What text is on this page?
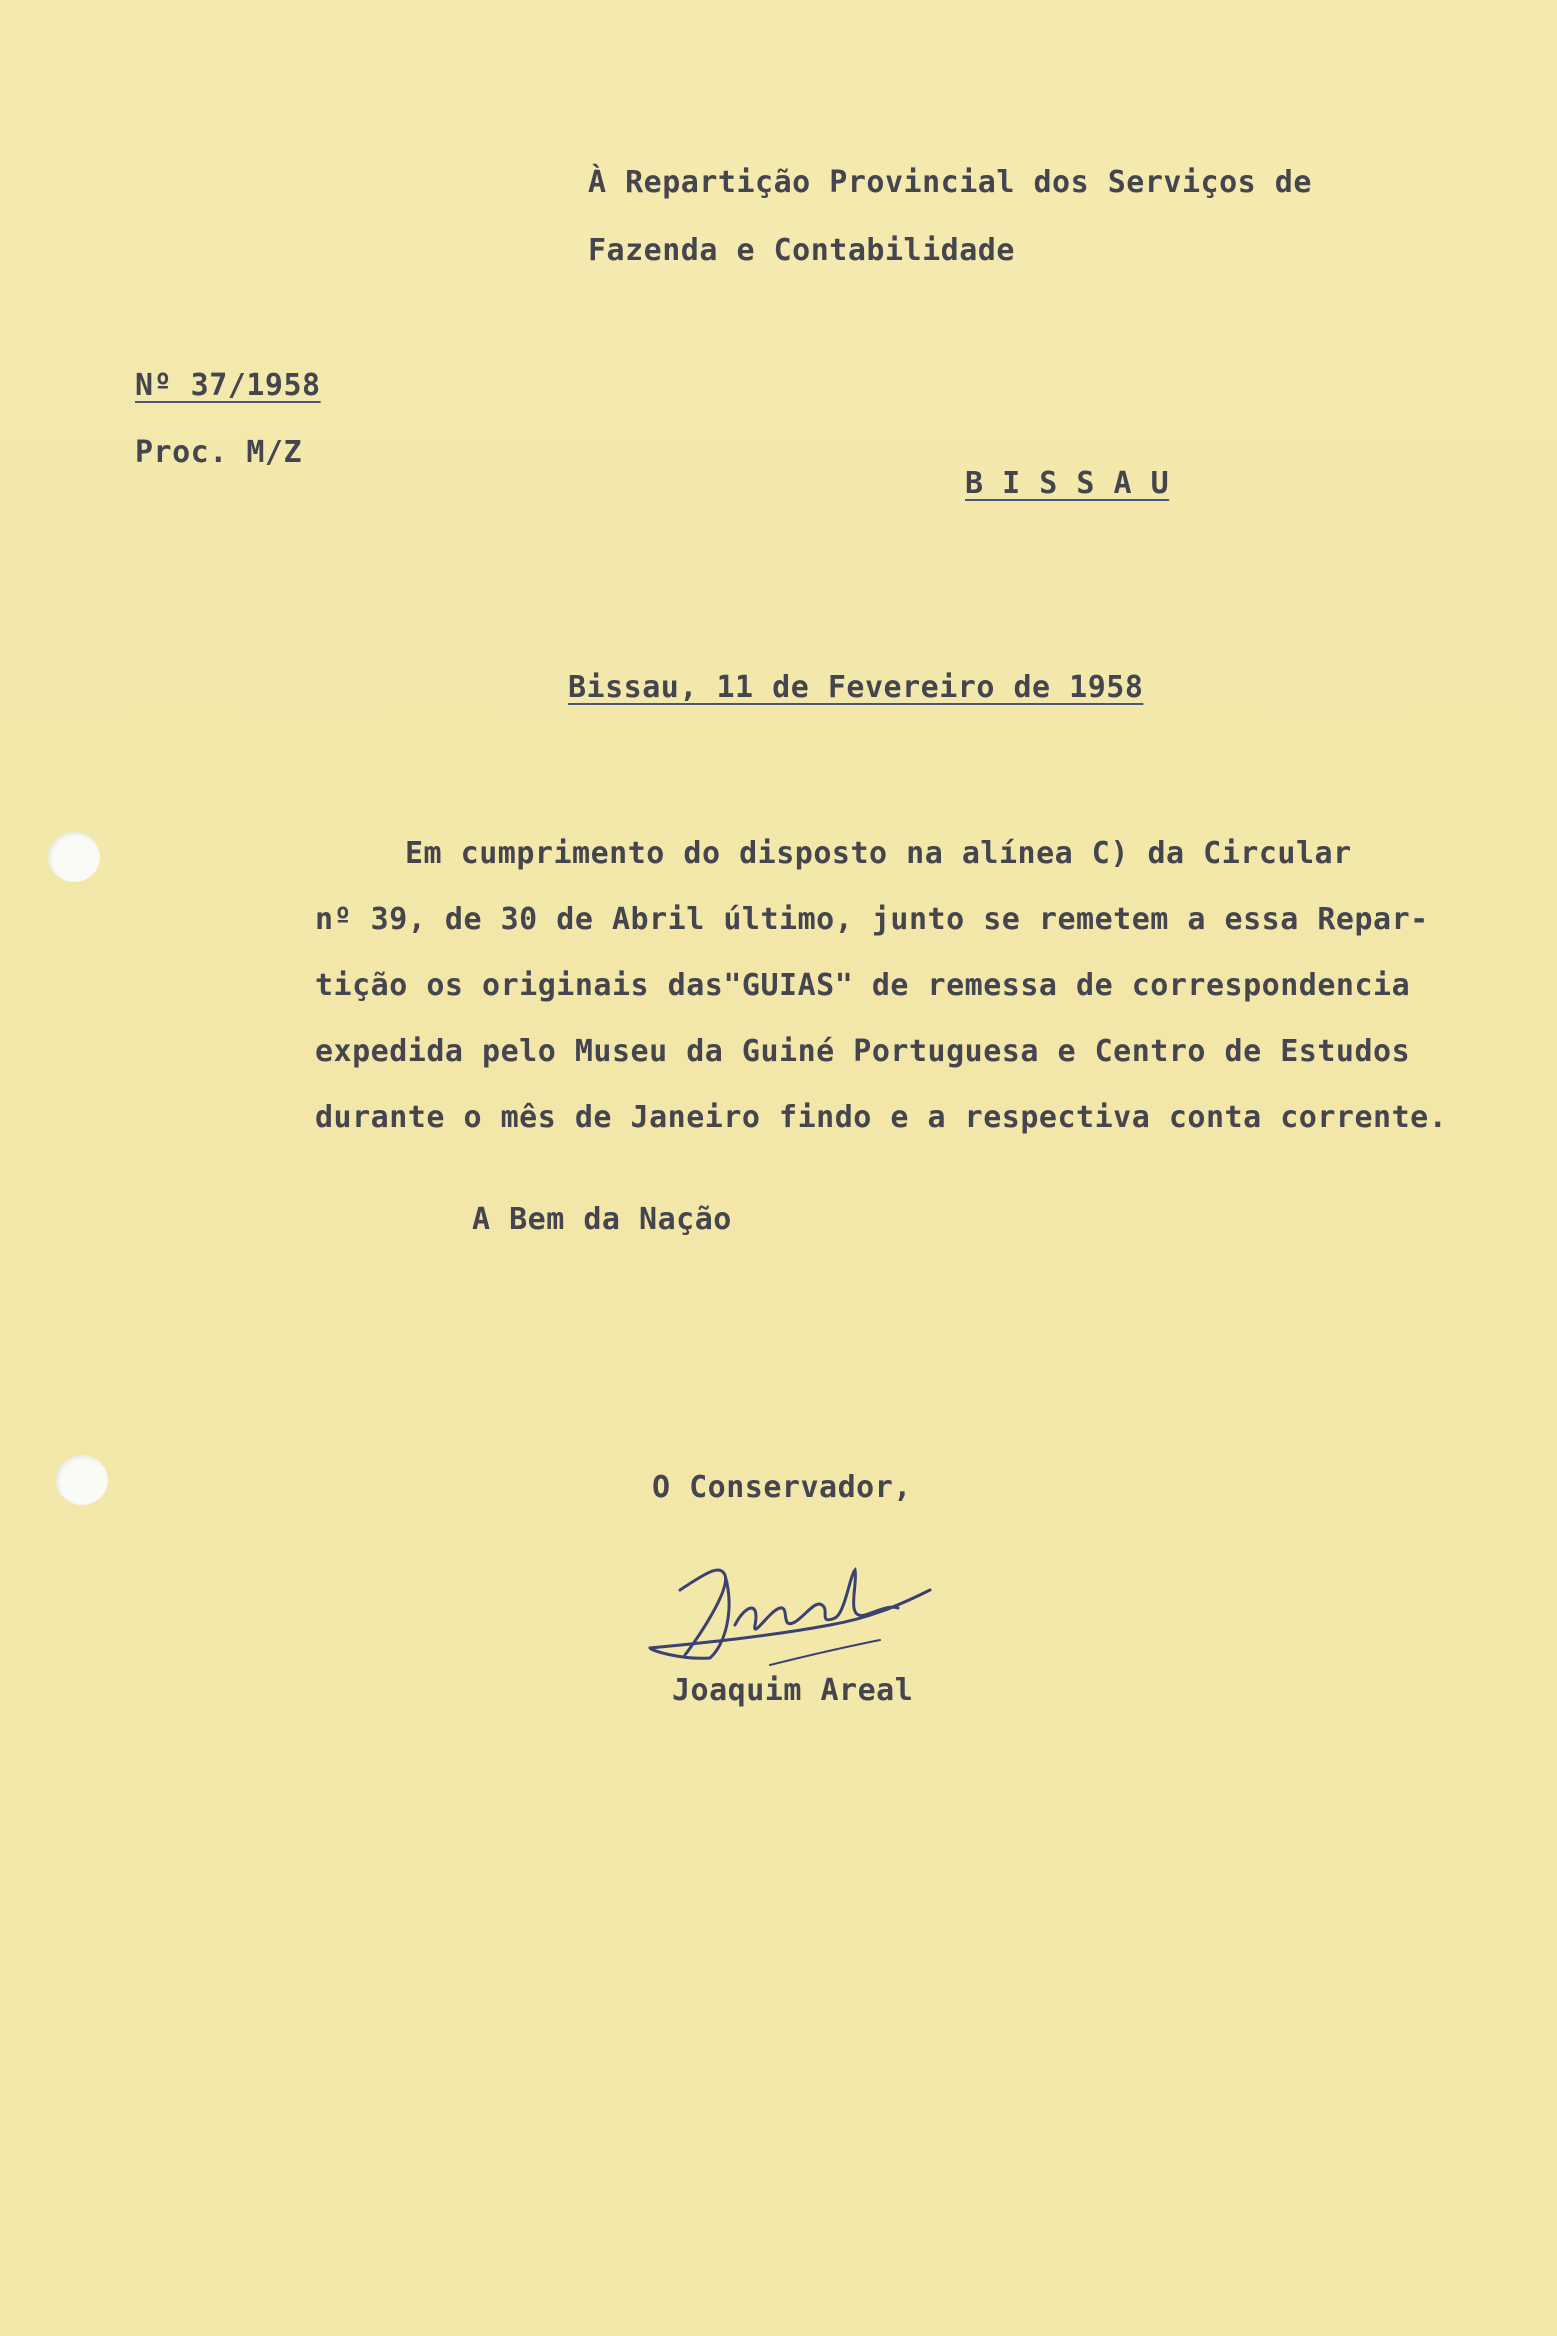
À Repartição Provincial dos Serviços de
Fazenda e Contabilidade
Nº 37/1958
Proc. M/Z
B I S S A U
Bissau, 11 de Fevereiro de 1958
Em cumprimento do disposto na alínea C) da Circular
nº 39, de 30 de Abril último, junto se remetem a essa Repar-
tição os originais das"GUIAS" de remessa de correspondencia
expedida pelo Museu da Guiné Portuguesa e Centro de Estudos
durante o mês de Janeiro findo e a respectiva conta corrente.
A Bem da Nação
O Conservador,
Joaquim Areal
